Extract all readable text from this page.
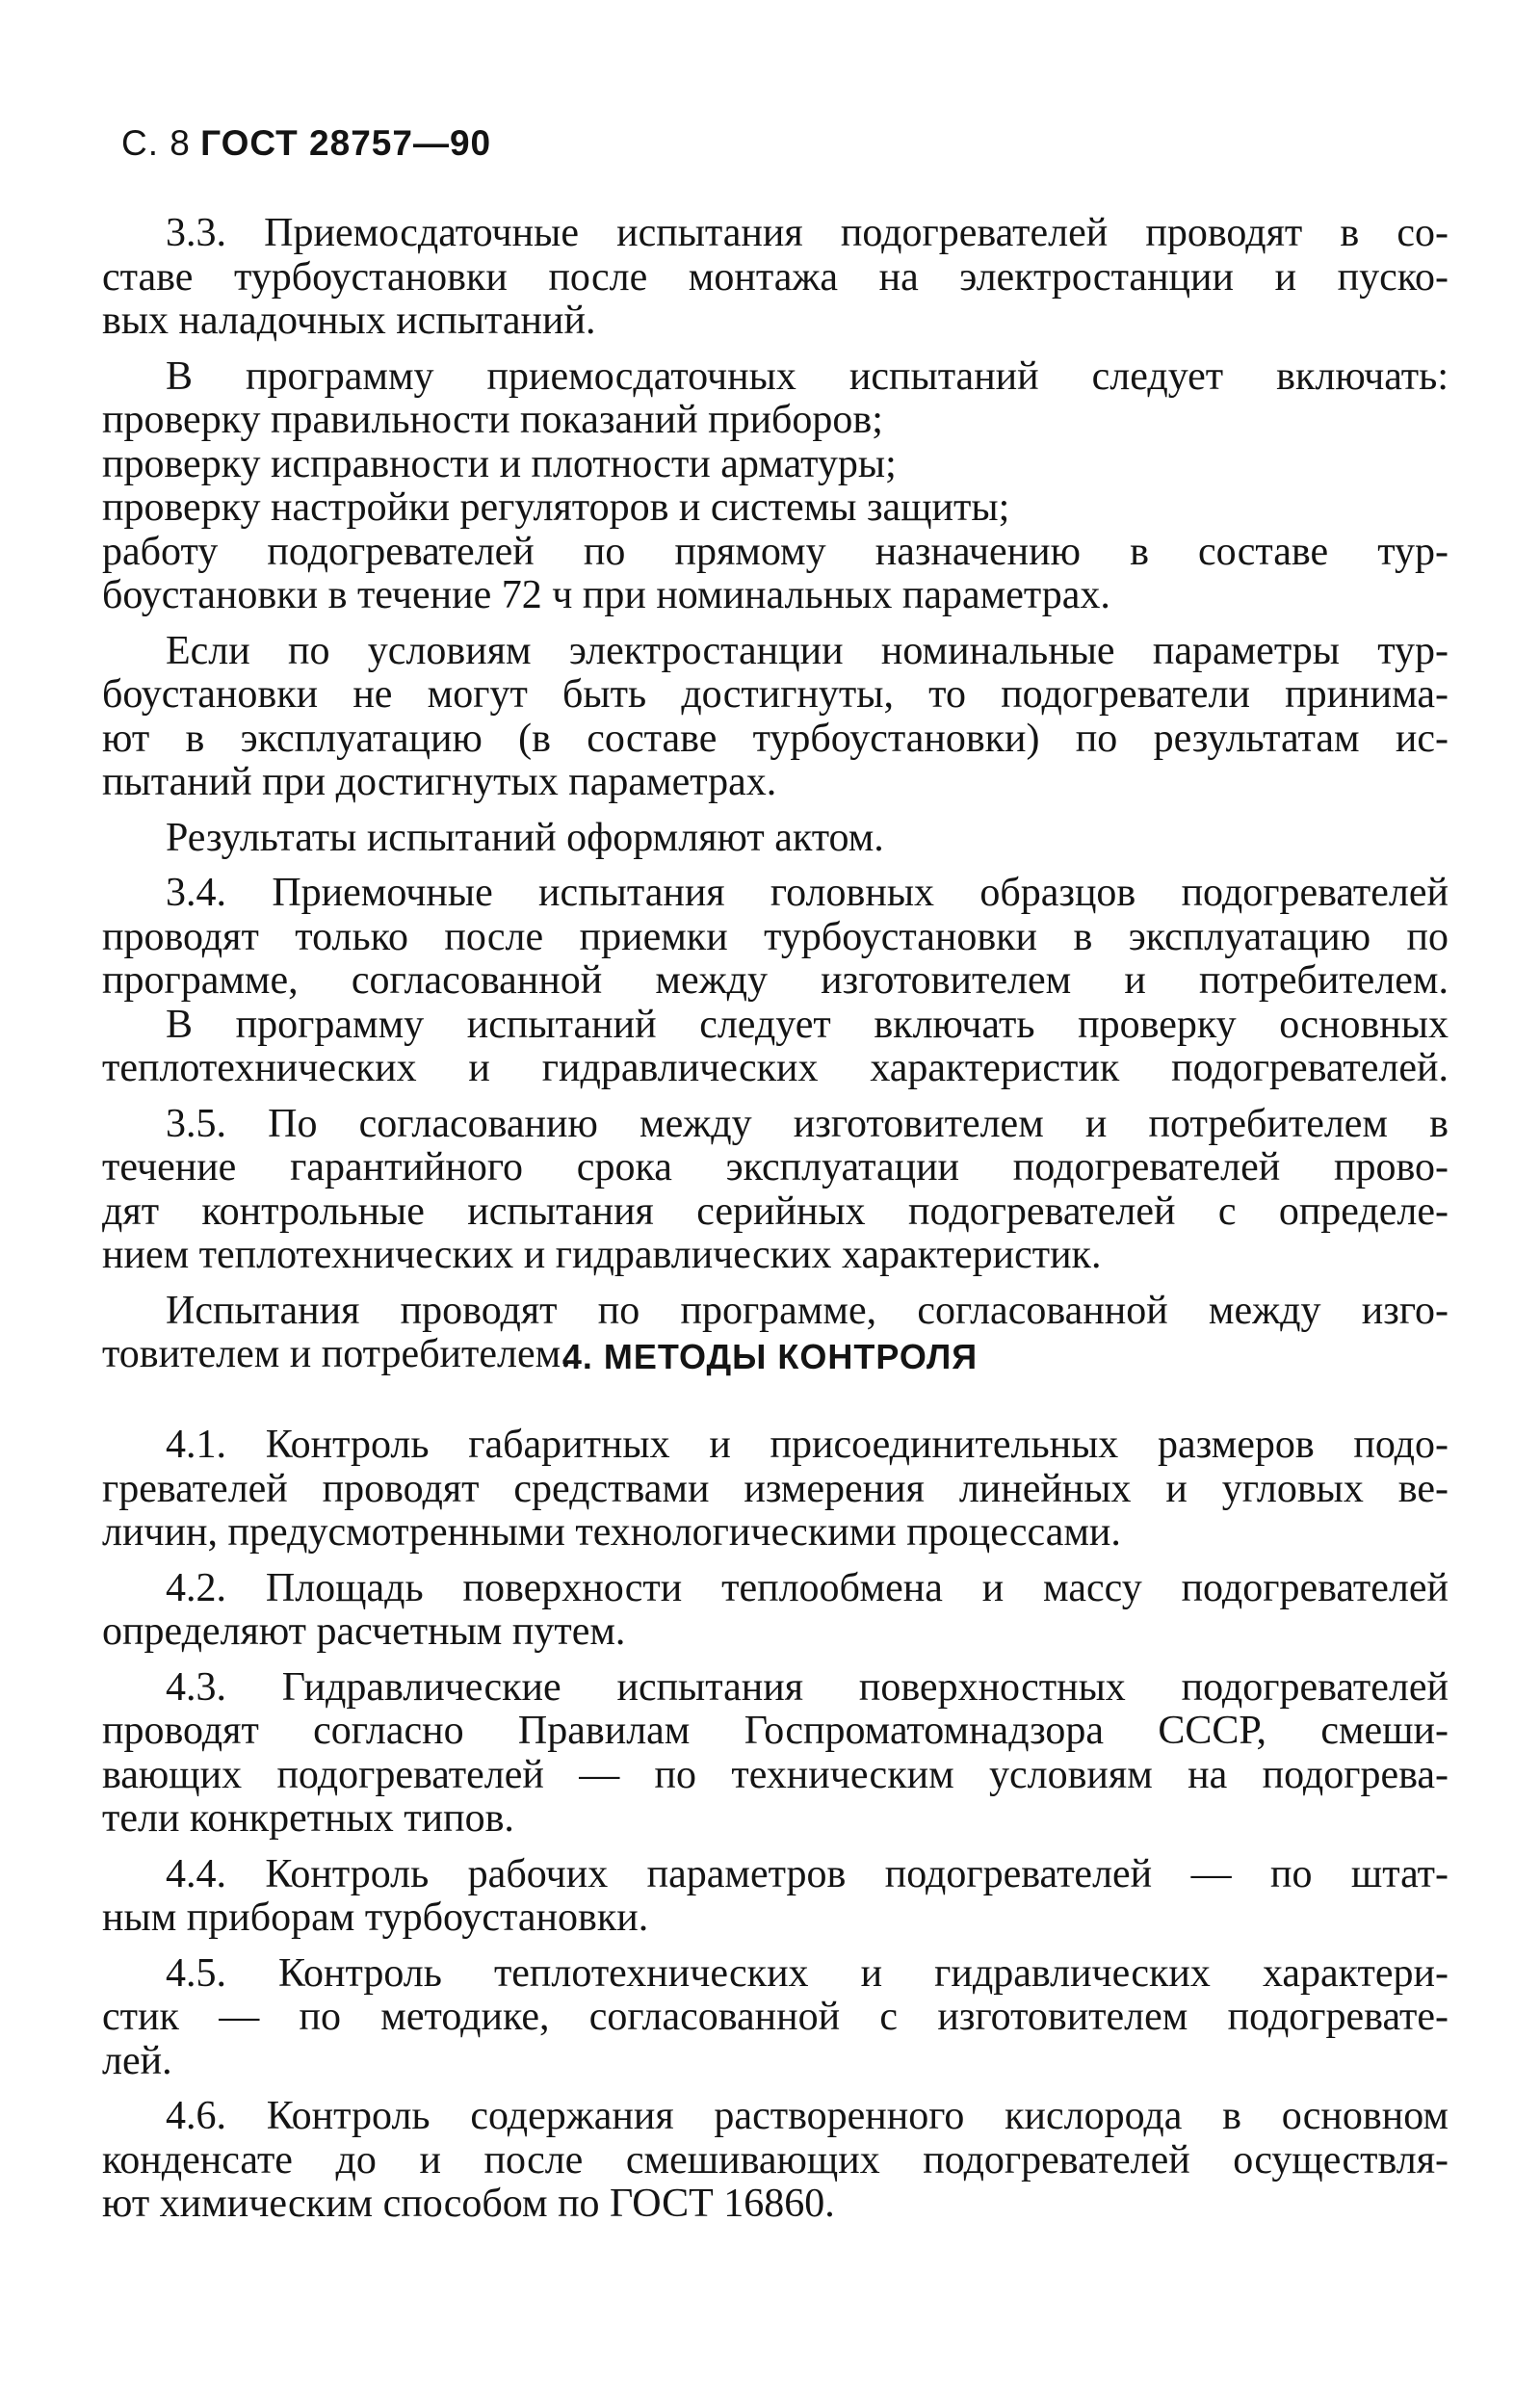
С. 8 ГОСТ 28757—90
3.3. Приемосдаточные испытания подогревателей проводят в со-
ставе турбоустановки после монтажа на электростанции и пуско-
вых наладочных испытаний.
В программу приемосдаточных испытаний следует включать:
проверку правильности показаний приборов;
проверку исправности и плотности арматуры;
проверку настройки регуляторов и системы защиты;
работу подогревателей по прямому назначению в составе тур-
боустановки в течение 72 ч при номинальных параметрах.
Если по условиям электростанции номинальные параметры тур-
боустановки не могут быть достигнуты, то подогреватели принима-
ют в эксплуатацию (в составе турбоустановки) по результатам ис-
пытаний при достигнутых параметрах.
Результаты испытаний оформляют актом.
3.4. Приемочные испытания головных образцов подогревателей
проводят только после приемки турбоустановки в эксплуатацию по
программе, согласованной между изготовителем и потребителем.
В программу испытаний следует включать проверку основных
теплотехнических и гидравлических характеристик подогревателей.
3.5. По согласованию между изготовителем и потребителем в
течение гарантийного срока эксплуатации подогревателей прово-
дят контрольные испытания серийных подогревателей с определе-
нием теплотехнических и гидравлических характеристик.
Испытания проводят по программе, согласованной между изго-
товителем и потребителем.
4. МЕТОДЫ КОНТРОЛЯ
4.1. Контроль габаритных и присоединительных размеров подо-
гревателей проводят средствами измерения линейных и угловых ве-
личин, предусмотренными технологическими процессами.
4.2. Площадь поверхности теплообмена и массу подогревателей
определяют расчетным путем.
4.3. Гидравлические испытания поверхностных подогревателей
проводят согласно Правилам Госпроматомнадзора СССР, смеши-
вающих подогревателей — по техническим условиям на подогрева-
тели конкретных типов.
4.4. Контроль рабочих параметров подогревателей — по штат-
ным приборам турбоустановки.
4.5. Контроль теплотехнических и гидравлических характери-
стик — по методике, согласованной с изготовителем подогревате-
лей.
4.6. Контроль содержания растворенного кислорода в основном
конденсате до и после смешивающих подогревателей осуществля-
ют химическим способом по ГОСТ 16860.
